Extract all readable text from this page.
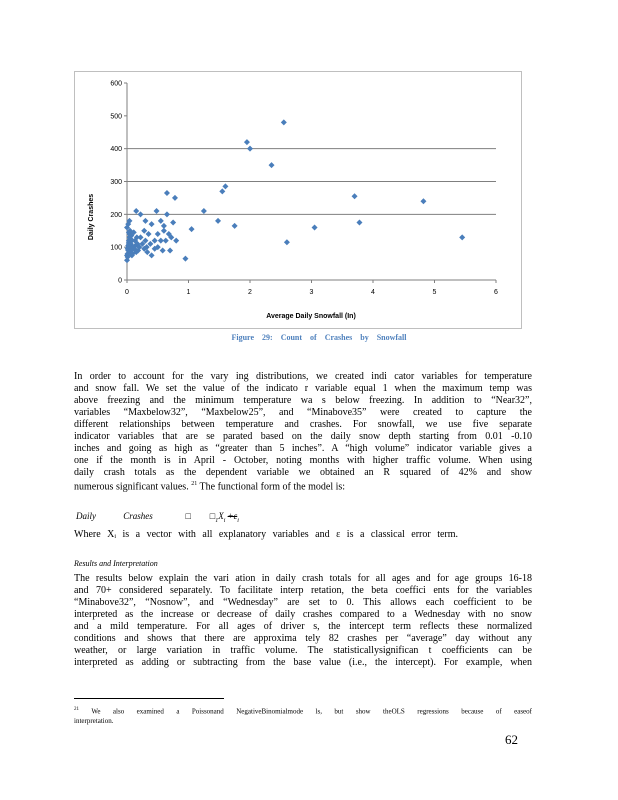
0
100
200
300
400
500
600
0	1	2	3	4	5	6
Daily Crashes
Average Daily Snowfall (In)
Figure 29: Count of Crashes by Snowfall
In order to account for the vary ing distributions, we created indi cator variables for temperature
and snow fall. We set the value of the indicato r variable equal 1 when the maximum temp was
above freezing and the minimum temperature wa s below freezing. In addition to “Near32”,
variables “Maxbelow32”, “Maxbelow25”, and “Minabove35” were created to capture the
different relationships between temperature and crashes. For snowfall, we use five separate
indicator variables that are se parated based on the daily snow depth starting from 0.01 -0.10
inches and going as high as “greater than 5 inches”. A “high volume” indicator variable gives a
one if the month is in April - October, noting months with higher traffic volume. When using
daily crash totals as the dependent variable we obtained an R squared of 42% and show
numerous significant values. $^{21}$ The functional form of the model is:
Daily	Crashes	□ $□_1X_i +\varepsilon_i$
Where Xᵢ is a vector with all explanatory variables and ε is a classical error term.
Results and Interpretation
The results below explain the vari ation in daily crash totals for all ages and for age groups 16-18
and 70+ considered separately. To facilitate interp retation, the beta coeffici ents for the variables
“Minabove32”, “Nosnow”, and “Wednesday” are set to 0. This allows each coefficient to be
interpreted as the increase or decrease of daily crashes compared to a Wednesday with no snow
and a mild temperature. For all ages of driver s, the intercept term reflects these normalized
conditions and shows that there are approxima tely 82 crashes per “average” day without any
weather, or large variation in traffic volume. The statisticallysignifican t coefficients can be
interpreted as adding or subtracting from the base value (i.e., the intercept). For example, when
$^{21}$ We also examined a Poissonand NegativeBinomialmode ls, but show theOLS regressions because of easeof
interpretation.
62
